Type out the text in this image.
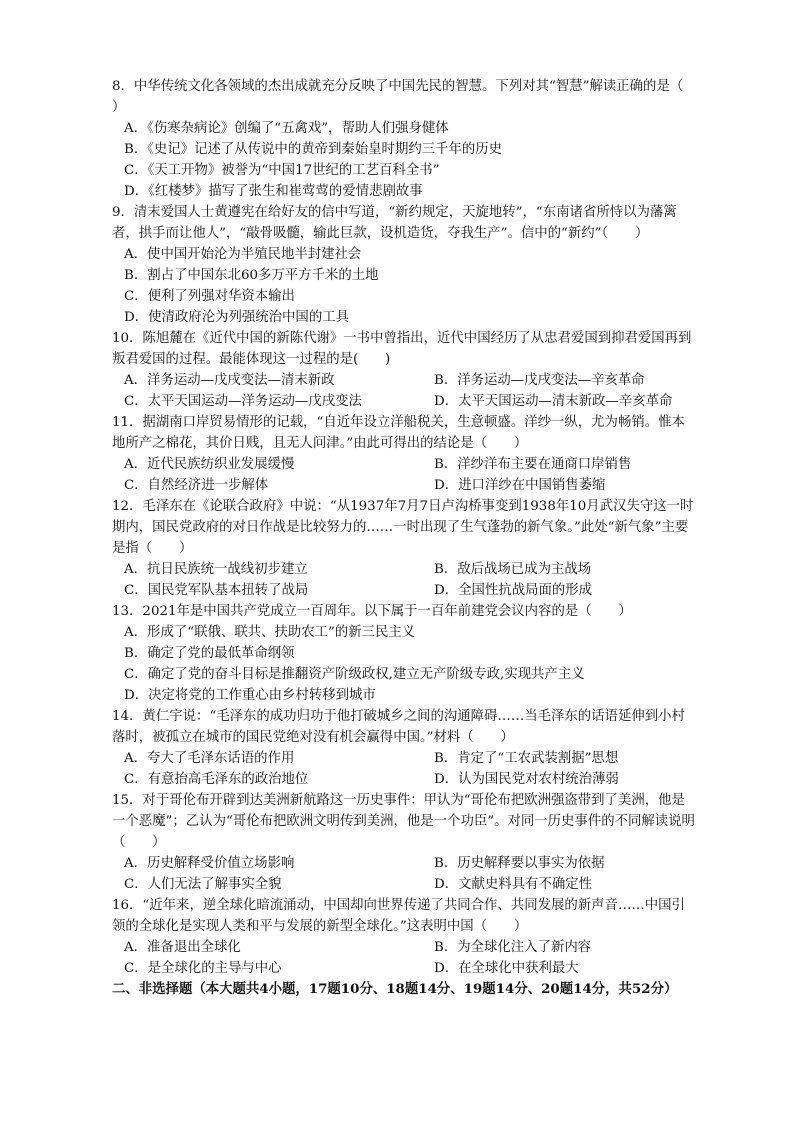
8．中华传统文化各领域的杰出成就充分反映了中国先民的智慧。下列对其“智慧”解读正确的是（　　）
A．《伤寒杂病论》创编了“五禽戏”，帮助人们强身健体
B．《史记》记述了从传说中的黄帝到秦始皇时期约三千年的历史
C．《天工开物》被誉为“中国17世纪的工艺百科全书”
D．《红楼梦》描写了张生和崔莺莺的爱情悲剧故事
9．清末爱国人士黄遵宪在给好友的信中写道，“新约规定，天旋地转”，“东南诸省所恃以为藩篱者，拱手而让他人”，“敲骨吸髓，输此巨款，设机造货，夺我生产”。信中的“新约”（　　）
A．使中国开始沦为半殖民地半封建社会
B．割占了中国东北60多万平方千米的土地
C．便利了列强对华资本输出
D．使清政府沦为列强统治中国的工具
10．陈旭麓在《近代中国的新陈代谢》一书中曾指出，近代中国经历了从忠君爱国到抑君爱国再到叛君爱国的过程。最能体现这一过程的是(　　)
A．洋务运动—戊戌变法—清末新政	B．洋务运动—戊戌变法—辛亥革命
C．太平天国运动—洋务运动—戊戌变法	D．太平天国运动—清末新政—辛亥革命
11．据湖南口岸贸易情形的记载，“自近年设立洋船税关，生意顿盛。洋纱一纵，尤为畅销。惟本地所产之棉花，其价日贱，且无人问津。”由此可得出的结论是（　　）
A．近代民族纺织业发展缓慢	B．洋纱洋布主要在通商口岸销售
C．自然经济进一步解体	D．进口洋纱在中国销售萎缩
12．毛泽东在《论联合政府》中说：“从1937年7月7日卢沟桥事变到1938年10月武汉失守这一时期内，国民党政府的对日作战是比较努力的……一时出现了生气蓬勃的新气象。”此处“新气象”主要是指（　　）
A．抗日民族统一战线初步建立	B．敌后战场已成为主战场
C．国民党军队基本扭转了战局	D．全国性抗战局面的形成
13．2021年是中国共产党成立一百周年。以下属于一百年前建党会议内容的是（　　）
A．形成了“联俄、联共、扶助农工”的新三民主义
B．确定了党的最低革命纲领
C．确定了党的奋斗目标是推翻资产阶级政权,建立无产阶级专政,实现共产主义
D．决定将党的工作重心由乡村转移到城市
14．黄仁宇说：“毛泽东的成功归功于他打破城乡之间的沟通障碍……当毛泽东的话语延伸到小村落时，被孤立在城市的国民党绝对没有机会赢得中国。”材料（　　）
A．夸大了毛泽东话语的作用	B．肯定了“工农武装割据”思想
C．有意抬高毛泽东的政治地位	D．认为国民党对农村统治薄弱
15．对于哥伦布开辟到达美洲新航路这一历史事件：甲认为“哥伦布把欧洲强盗带到了美洲，他是一个恶魔”；乙认为“哥伦布把欧洲文明传到美洲，他是一个功臣”。对同一历史事件的不同解读说明（　　）
A．历史解释受价值立场影响	B．历史解释要以事实为依据
C．人们无法了解事实全貌	D．文献史料具有不确定性
16．“近年来，逆全球化暗流涌动，中国却向世界传递了共同合作、共同发展的新声音……中国引领的全球化是实现人类和平与发展的新型全球化。”这表明中国（　　）
A．准备退出全球化	B．为全球化注入了新内容
C．是全球化的主导与中心	D．在全球化中获利最大
二、非选择题（本大题共4小题，17题10分、18题14分、19题14分、20题14分，共52分）
